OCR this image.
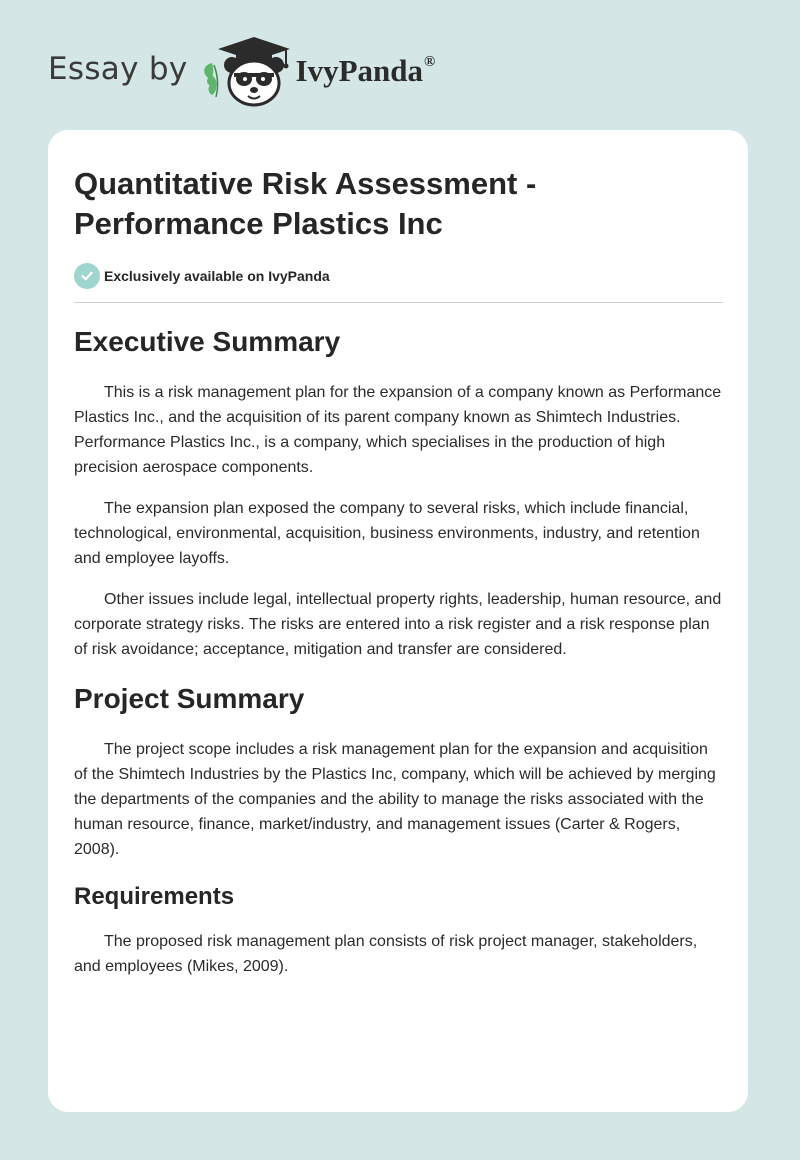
Essay by	IvyPanda®
Quantitative Risk Assessment - Performance Plastics Inc
Exclusively available on IvyPanda
Executive Summary

This is a risk management plan for the expansion of a company known as Performance Plastics Inc., and the acquisition of its parent company known as Shimtech Industries. Performance Plastics Inc., is a company, which specialises in the production of high precision aerospace components.

The expansion plan exposed the company to several risks, which include financial, technological, environmental, acquisition, business environments, industry, and retention and employee layoffs.

Other issues include legal, intellectual property rights, leadership, human resource, and corporate strategy risks. The risks are entered into a risk register and a risk response plan of risk avoidance; acceptance, mitigation and transfer are considered.

Project Summary

The project scope includes a risk management plan for the expansion and acquisition of the Shimtech Industries by the Plastics Inc, company, which will be achieved by merging the departments of the companies and the ability to manage the risks associated with the human resource, finance, market/industry, and management issues (Carter & Rogers, 2008).

Requirements

The proposed risk management plan consists of risk project manager, stakeholders, and employees (Mikes, 2009).
